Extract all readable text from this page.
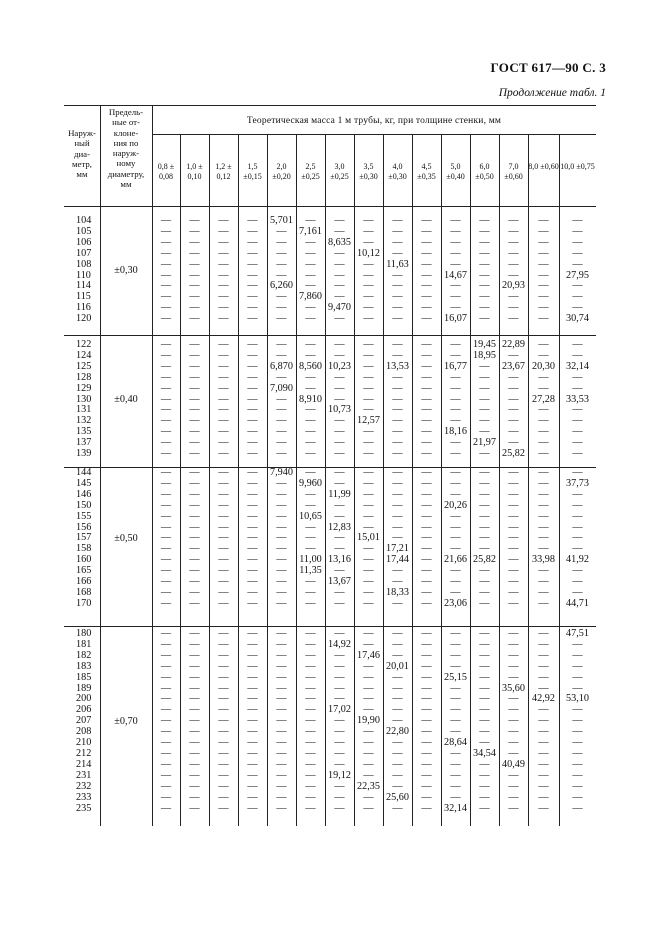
ГОСТ 617—90 С. 3
Продолжение табл. 1
Наруж-
ный
диа-
метр,
мм
Предель-
ные от-
клоне-
ния по
наруж-
ному
диаметру,
мм
Теоретическая масса 1 м трубы, кг, при толщине стенки, мм
0,8 ± 0,08
1,0 ± 0,10
1,2 ± 0,12
1,5 ±0,15
2,0 ±0,20
2,5 ±0,25
3,0 ±0,25
3,5 ±0,30
4,0 ±0,30
4,5 ±0,35
5,0 ±0,40
6,0 ±0,50
7,0 ±0,60
8,0 ±0,60 10,0 ±0,75
104
105
106
107
108
110
114
115
116
120
±0,30
—
—
—
—
—
—
—
—
—
—
—
—
—
—
—
—
—
—
—
—
—
—
—
—
—
—
—
—
—
—
—
—
—
—
—
—
—
—
—
—
5,701
—
—
—
—
—
6,260
—
—
—
—
7,161
—
—
—
—
—
7,860
—
—
—
—
8,635
—
—
—
—
—
9,470
—
—
—
—
10,12
—
—
—
—
—
—
—
—
—
—
11,63
—
—
—
—
—
—
—
—
—
—
—
—
—
—
—
—
—
—
—
—
14,67
—
—
—
16,07
—
—
—
—
—
—
—
—
—
—
—
—
—
—
—
—
20,93
—
—
—
—
—
—
—
—
—
—
—
—
—
—
—
—
—
—
27,95
—
—
—
30,74
122
124
125
128
129
130
131
132
135
137
139
±0,40
—
—
—
—
—
—
—
—
—
—
—
—
—
—
—
—
—
—
—
—
—
—
—
—
—
—
—
—
—
—
—
—
—
—
—
—
—
—
—
—
—
—
—
—
—
—
6,870
—
7,090
—
—
—
—
—
—
—
—
8,560
—
—
8,910
—
—
—
—
—
—
—
10,23
—
—
—
10,73
—
—
—
—
—
—
—
—
—
—
—
12,57
—
—
—
—
—
13,53
—
—
—
—
—
—
—
—
—
—
—
—
—
—
—
—
—
—
—
—
—
16,77
—
—
—
—
—
18,16
—
—
19,45
18,95
—
—
—
—
—
—
—
21,97
—
22,89
—
23,67
—
—
—
—
—
—
—
25,82
—
—
20,30
—
—
27,28
—
—
—
—
—
—
—
32,14
—
—
33,53
—
—
—
—
—
144
145
146
150
155
156
157
158
160
165
166
168
170
±0,50
—
—
—
—
—
—
—
—
—
—
—
—
—
—
—
—
—
—
—
—
—
—
—
—
—
—
—
—
—
—
—
—
—
—
—
—
—
—
—
—
—
—
—
—
—
—
—
—
—
—
—
—
7,940
—
—
—
—
—
—
—
—
—
—
—
—
—
9,960
—
—
10,65
—
—
—
11,00
11,35
—
—
—
—
—
11,99
—
—
12,83
—
—
13,16
—
13,67
—
—
—
—
—
—
—
—
15,01
—
—
—
—
—
—
—
—
—
—
—
—
—
17,21
17,44
—
—
18,33
—
—
—
—
—
—
—
—
—
—
—
—
—
—
—
—
—
20,26
—
—
—
—
21,66
—
—
—
23,06
—
—
—
—
—
—
—
—
25,82
—
—
—
—
—
—
—
—
—
—
—
—
—
—
—
—
—
—
—
—
—
—
—
—
—
33,98
—
—
—
—
—
37,73
—
—
—
—
—
—
41,92
—
—
—
44,71
180
181
182
183
185
189
200
206
207
208
210
212
214
231
232
233
235
±0,70
—
—
—
—
—
—
—
—
—
—
—
—
—
—
—
—
—
—
—
—
—
—
—
—
—
—
—
—
—
—
—
—
—
—
—
—
—
—
—
—
—
—
—
—
—
—
—
—
—
—
—
—
—
—
—
—
—
—
—
—
—
—
—
—
—
—
—
—
—
—
—
—
—
—
—
—
—
—
—
—
—
—
—
—
—
—
—
—
—
—
—
—
—
—
—
—
—
—
—
—
—
—
—
14,92
—
—
—
—
—
17,02
—
—
—
—
—
19,12
—
—
—
—
—
17,46
—
—
—
—
—
19,90
—
—
—
—
—
22,35
—
—
—
—
—
20,01
—
—
—
—
—
22,80
—
—
—
—
—
25,60
—
—
—
—
—
—
—
—
—
—
—
—
—
—
—
—
—
—
—
—
—
—
25,15
—
—
—
—
—
28,64
—
—
—
—
—
32,14
—
—
—
—
—
—
—
—
—
—
—
34,54
—
—
—
—
—
—
—
—
—
—
35,60
—
—
—
—
—
—
40,49
—
—
—
—
—
—
—
—
—
—
42,92
—
—
—
—
—
—
—
—
—
—
47,51
—
—
—
—
—
53,10
—
—
—
—
—
—
—
—
—
—
